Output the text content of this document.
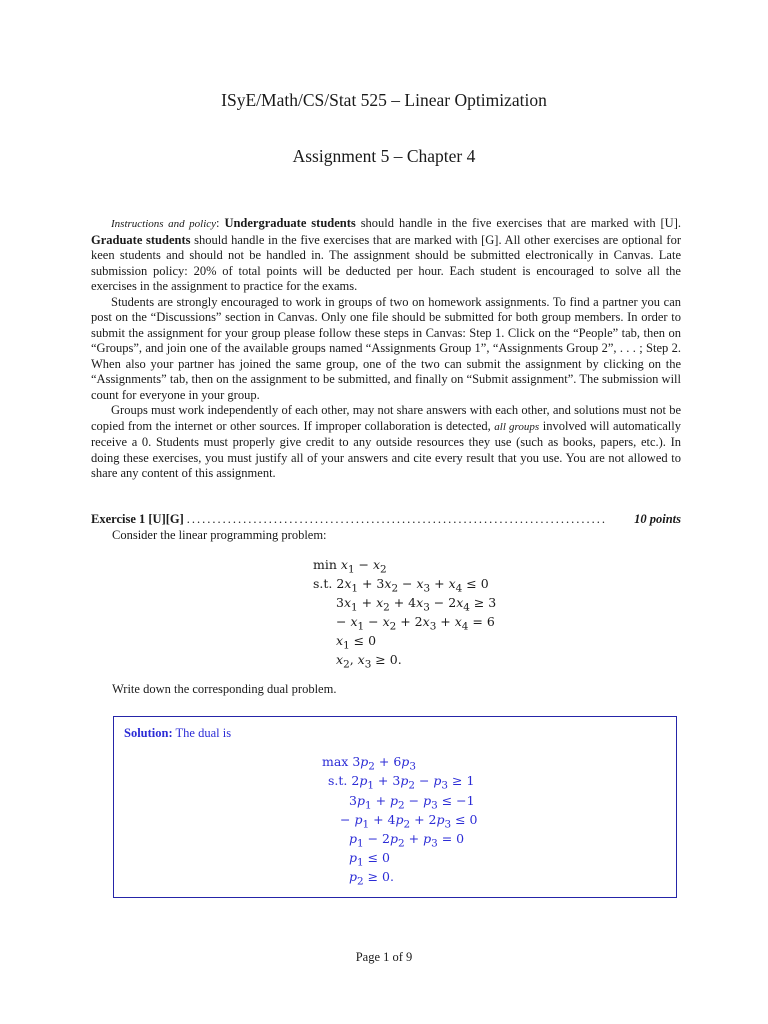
ISyE/Math/CS/Stat 525 – Linear Optimization
Assignment 5 – Chapter 4

Instructions and policy: Undergraduate students should handle in the five exercises that are marked with [U]. Graduate students should handle in the five exercises that are marked with [G]. All other exercises are optional for keen students and should not be handled in. The assignment should be submitted electronically in Canvas. Late submission policy: 20% of total points will be deducted per hour. Each student is encouraged to solve all the exercises in the assignment to practice for the exams.

Students are strongly encouraged to work in groups of two on homework assignments. To find a partner you can post on the “Discussions” section in Canvas. Only one file should be submitted for both group members. In order to submit the assignment for your group please follow these steps in Canvas: Step 1. Click on the “People” tab, then on “Groups”, and join one of the available groups named “Assignments Group 1”, “Assignments Group 2”, . . . ; Step 2. When also your partner has joined the same group, one of the two can submit the assignment by clicking on the “Assignments” tab, then on the assignment to be submitted, and finally on “Submit assignment”. The submission will count for everyone in your group.

Groups must work independently of each other, may not share answers with each other, and solutions must not be copied from the internet or other sources. If improper collaboration is detected, all groups involved will automatically receive a 0. Students must properly give credit to any outside resources they use (such as books, papers, etc.). In doing these exercises, you must justify all of your answers and cite every result that you use. You are not allowed to share any content of this assignment.

Exercise 1 [U][G] ..................................................................................	10 points
Consider the linear programming problem:
$\min x_1 - x_2$
s.t. $2x_1 + 3x_2 - x_3 + x_4 \le 0$
$3x_1 + x_2 + 4x_3 - 2x_4 \ge 3$
− $x_1 - x_2 + 2x_3 + x_4 = 6$
$x_1 \le 0$
$x_2$, $x_3 \ge 0$.
Write down the corresponding dual problem.
Solution: The dual is
$\max 3p_2 + 6p_3$
s.t. $2p_1 + 3p_2 - p_3 \ge 1$
$3p_1 + p_2 - p_3 \le -1$
− $p_1 + 4p_2 + 2p_3 \le 0$
$p_1 - 2p_2 + p_3 = 0$
$p_1 \le 0$
$p_2 \ge 0$.
Page 1 of 9
